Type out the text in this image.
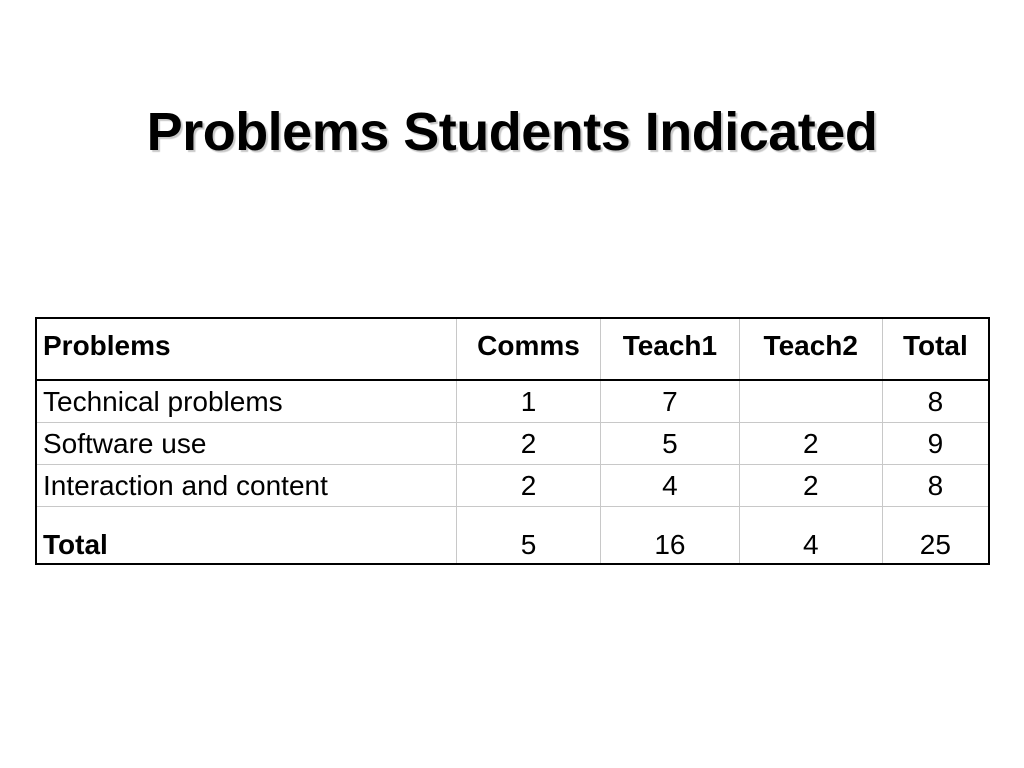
Problems Students Indicated
Problems	Comms	Teach1	Teach2	Total
Technical problems	1	7		8
Software use	2	5	2	9
Interaction and content	2	4	2	8
Total	5	16	4	25
